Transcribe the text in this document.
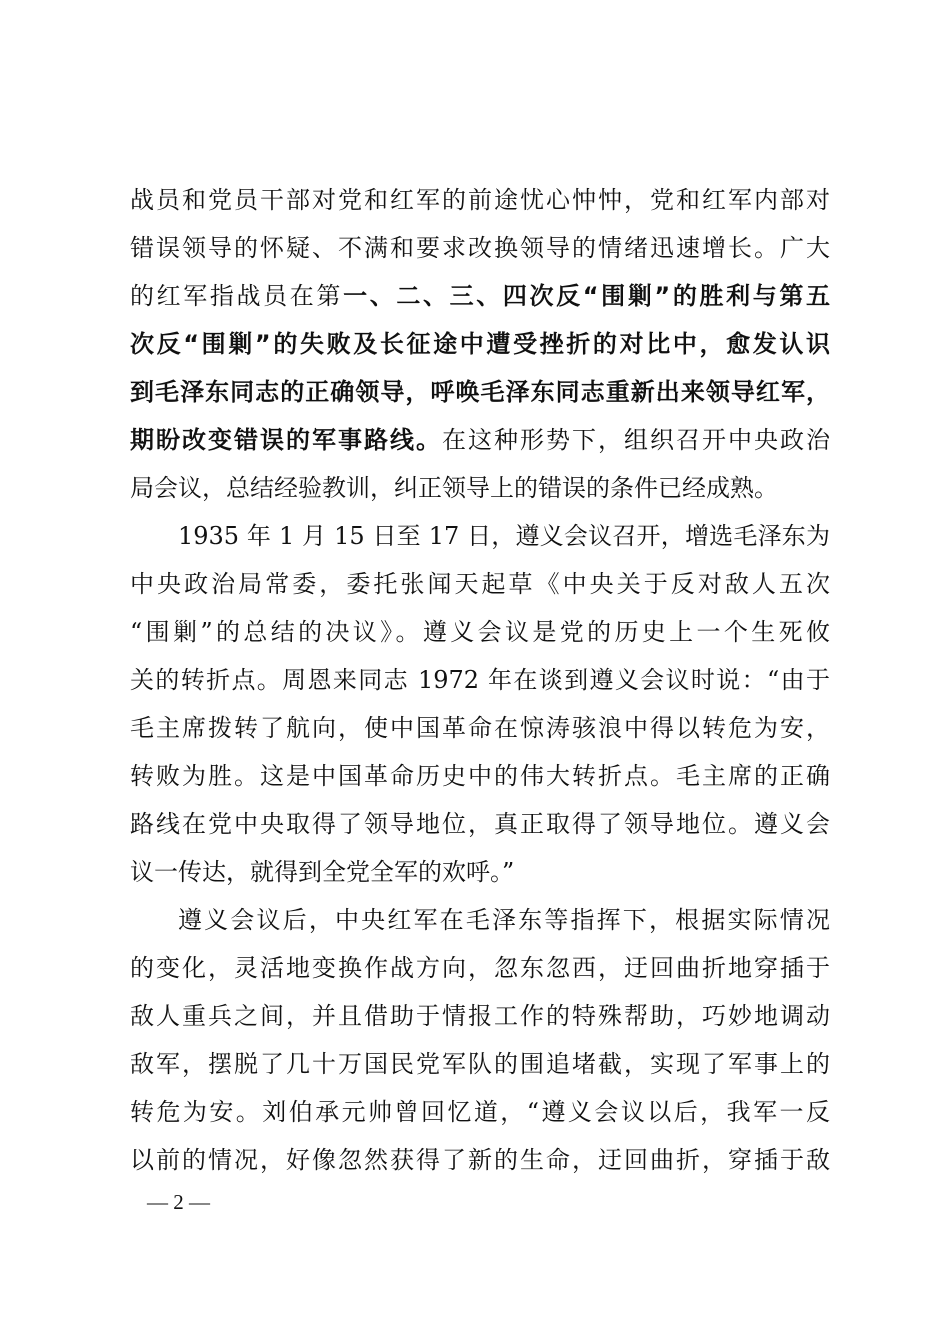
战员和党员干部对党和红军的前途忧心忡忡，党和红军内部对
错误领导的怀疑、不满和要求改换领导的情绪迅速增长。广大
的红军指战员在第一、二、三、四次反“围剿”的胜利与第五
次反“围剿”的失败及长征途中遭受挫折的对比中，愈发认识
到毛泽东同志的正确领导，呼唤毛泽东同志重新出来领导红军，
期盼改变错误的军事路线。在这种形势下，组织召开中央政治
局会议，总结经验教训，纠正领导上的错误的条件已经成熟。
1935 年 1 月 15 日至 17 日，遵义会议召开，增选毛泽东为
中央政治局常委，委托张闻天起草《中央关于反对敌人五次
“围剿”的总结的决议》。遵义会议是党的历史上一个生死攸
关的转折点。周恩来同志 1972 年在谈到遵义会议时说：“由于
毛主席拨转了航向，使中国革命在惊涛骇浪中得以转危为安，
转败为胜。这是中国革命历史中的伟大转折点。毛主席的正确
路线在党中央取得了领导地位，真正取得了领导地位。遵义会
议一传达，就得到全党全军的欢呼。”
遵义会议后，中央红军在毛泽东等指挥下，根据实际情况
的变化，灵活地变换作战方向，忽东忽西，迂回曲折地穿插于
敌人重兵之间，并且借助于情报工作的特殊帮助，巧妙地调动
敌军，摆脱了几十万国民党军队的围追堵截，实现了军事上的
转危为安。刘伯承元帅曾回忆道，“遵义会议以后，我军一反
以前的情况，好像忽然获得了新的生命，迂回曲折，穿插于敌
— 2 —
